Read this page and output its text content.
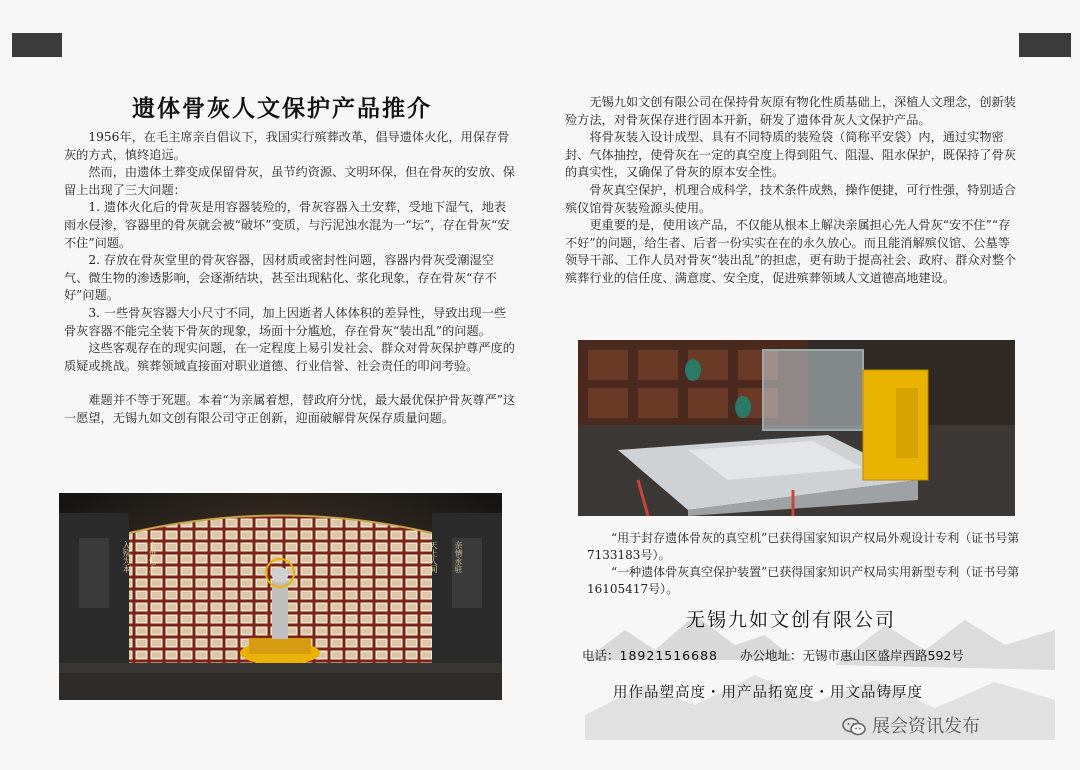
遗体骨灰人文保护产品推介

　　1956年，在毛主席亲自倡议下，我国实行殡葬改革，倡导遗体火化，用保存骨灰的方式，慎终追远。

　　然而，由遗体土葬变成保留骨灰，虽节约资源、文明环保，但在骨灰的安放、保留上出现了三大问题：

　　1. 遗体火化后的骨灰是用容器装殓的，骨灰容器入土安葬，受地下湿气，地表雨水侵渗，容器里的骨灰就会被“破坏”变质，与污泥浊水混为一“坛”，存在骨灰“安不住”问题。

　　2. 存放在骨灰堂里的骨灰容器，因材质或密封性问题，容器内骨灰受潮湿空气、微生物的渗透影响，会逐渐结块，甚至出现粘化、浆化现象，存在骨灰“存不好”问题。

　　3. 一些骨灰容器大小尺寸不同，加上因逝者人体体积的差异性，导致出现一些骨灰容器不能完全装下骨灰的现象，场面十分尴尬，存在骨灰“装出乱”的问题。

　　这些客观存在的现实问题，在一定程度上易引发社会、群众对骨灰保护尊严度的质疑或挑战。殡葬领域直接面对职业道德、行业信誉、社会责任的叩问考验。

　　难题并不等于死题。本着“为亲属着想，替政府分忧，最大最优保护骨灰尊严”这一愿望，无锡九如文创有限公司守正创新，迎面破解骨灰保存质量问题。

入殓为本 永垂忆之	天上人间 亲情永驻

　　无锡九如文创有限公司在保持骨灰原有物化性质基础上，深植人文理念，创新装殓方法，对骨灰保存进行固本开新，研发了遗体骨灰人文保护产品。

　　将骨灰装入设计成型、具有不同特质的装殓袋（简称平安袋）内，通过实物密封、气体抽控，使骨灰在一定的真空度上得到阻气、阻湿、阻水保护，既保持了骨灰的真实性，又确保了骨灰的原本安全性。

　　骨灰真空保护，机理合成科学，技术条件成熟，操作便捷，可行性强，特别适合殡仪馆骨灰装殓源头使用。

　　更重要的是，使用该产品，不仅能从根本上解决亲属担心先人骨灰“安不住”“存不好”的问题，给生者、后者一份实实在在的永久放心。而且能消解殡仪馆、公墓等领导干部、工作人员对骨灰“装出乱”的担虑，更有助于提高社会、政府、群众对整个殡葬行业的信任度、满意度、安全度，促进殡葬领域人文道德高地建设。

　　“用于封存遗体骨灰的真空机”已获得国家知识产权局外观设计专利（证书号第7133183号）。

　　“一种遗体骨灰真空保护装置”已获得国家知识产权局实用新型专利（证书号第16105417号）。

无锡九如文创有限公司
电话：18921516688 办公地址：无锡市惠山区盛岸西路592号
用作品塑高度・用产品拓宽度・用文品铸厚度
展会资讯发布
